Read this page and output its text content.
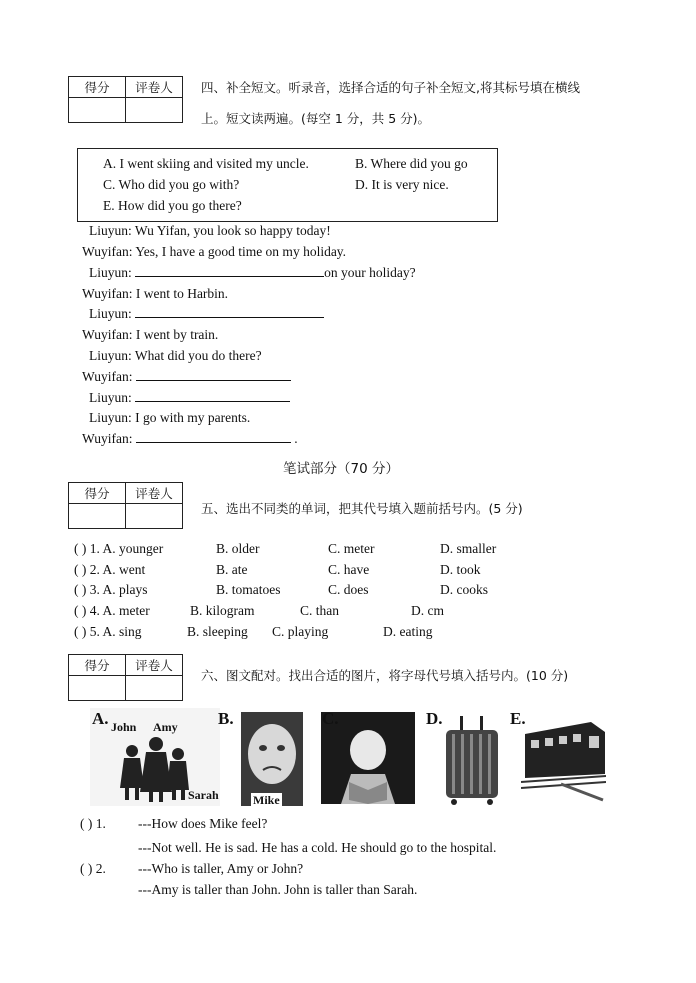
得分	评卷人
	四、补全短文。听录音，选择合适的句子补全短文,将其标号填在横线
上。短文读两遍。(每空 1 分，共 5 分)。
A. I went skiing and visited my uncle.	B. Where did you go
C. Who did you go with?	D. It is very nice.
E. How did you go there?
Liuyun: Wu Yifan, you look so happy today!
Wuyifan: Yes, I have a good time on my holiday.
Liuyun:	on your holiday?
Wuyifan: I went to Harbin.
Liuyun:
Wuyifan: I went by train.
Liuyun: What did you do there?
Wuyifan:
Liuyun:
Liuyun: I go with my parents.
Wuyifan:	.
笔试部分（70 分）
得分	评卷人

五、选出不同类的单词，把其代号填入题前括号内。(5 分)
( ) 1. A. younger	B. older	C. meter	D. smaller
( ) 2. A. went	B. ate	C. have	D. took
( ) 3. A. plays	B. tomatoes	C. does	D. cooks
( ) 4. A. meter	B. kilogram	C. than	D. cm
( ) 5. A. sing	B. sleeping C. playing	D. eating
得分	评卷人

六、图文配对。找出合适的图片，将字母代号填入括号内。(10 分)
A. John Amy
Sarah
B.
Mike
C.	D.	E.
( ) 1. ---How does Mike feel?
---Not well. He is sad. He has a cold. He should go to the hospital.
( ) 2. ---Who is taller, Amy or John?
---Amy is taller than John. John is taller than Sarah.
